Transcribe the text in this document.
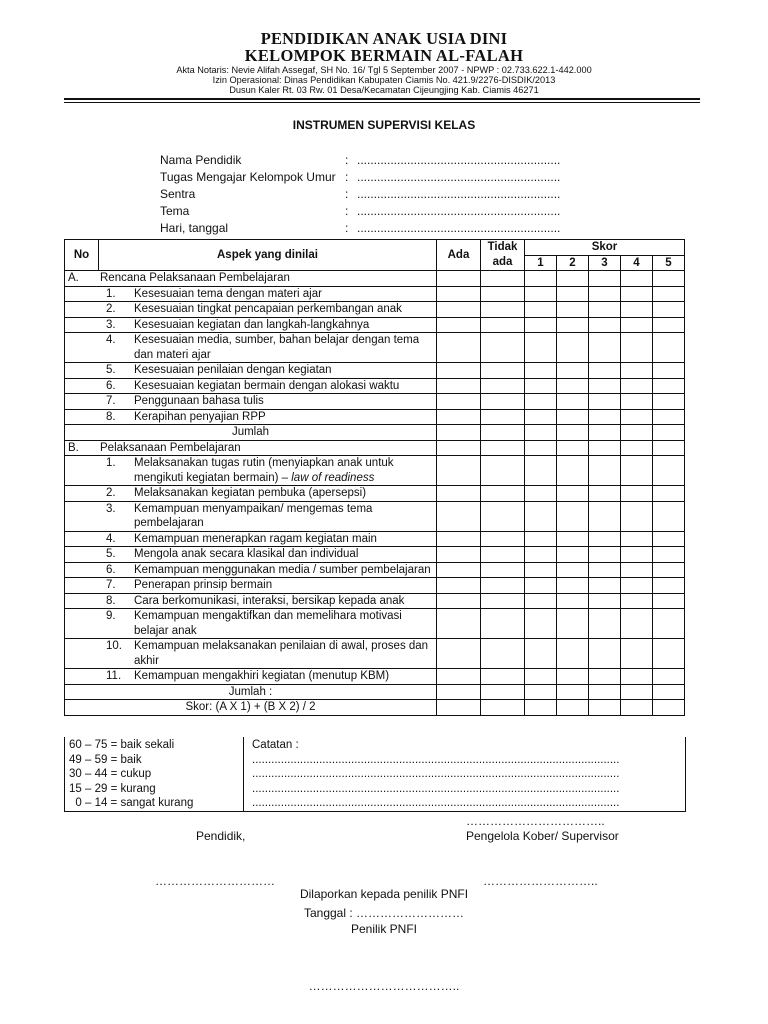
PENDIDIKAN ANAK USIA DINI
KELOMPOK BERMAIN AL-FALAH
Akta Notaris: Nevie Alifah Assegaf, SH No. 16/ Tgl 5 September 2007 - NPWP : 02.733.622.1-442.000
Izin Operasional: Dinas Pendidikan Kabupaten Ciamis No. 421.9/2276-DISDIK/2013
Dusun Kaler Rt. 03 Rw. 01 Desa/Kecamatan Cijeungjing Kab. Ciamis 46271
INSTRUMEN SUPERVISI KELAS
Nama Pendidik	: .............................................................
Tugas Mengajar Kelompok Umur : .............................................................
Sentra	: .............................................................
Tema	: .............................................................
Hari, tanggal	: .............................................................
No	Aspek yang dinilai	Ada	Tidak ada	Skor				
				1	2	3	4	5

A. Rencana Pelaksanaan Pembelajaran								

1. Kesesuaian tema dengan materi ajar								

2. Kesesuaian tingkat pencapaian perkembangan anak								

3. Kesesuaian kegiatan dan langkah-langkahnya								

4. Kesesuaian media, sumber, bahan belajar dengan tema dan materi ajar								

5. Kesesuaian penilaian dengan kegiatan								

6. Kesesuaian kegiatan bermain dengan alokasi waktu								

7. Penggunaan bahasa tulis								

8. Kerapihan penyajian RPP								

Jumlah								

B. Pelaksanaan Pembelajaran								

1. Melaksanakan tugas rutin (menyiapkan anak untuk mengikuti kegiatan bermain) – law of readiness								

2. Melaksanakan kegiatan pembuka (apersepsi)								

3. Kemampuan menyampaikan/ mengemas tema pembelajaran								

4. Kemampuan menerapkan ragam kegiatan main								

5. Mengola anak secara klasikal dan individual								

6. Kemampuan menggunakan media / sumber pembelajaran								

7. Penerapan prinsip bermain								

8. Cara berkomunikasi, interaksi, bersikap kepada anak								

9. Kemampuan mengaktifkan dan memelihara motivasi belajar anak								

10. Kemampuan melaksanakan penilaian di awal, proses dan akhir								

11. Kemampuan mengakhiri kegiatan (menutup KBM)								

Jumlah :								
Skor: (A X 1) + (B X 2) / 2								
60 – 75 = baik sekali
49 – 59 = baik
30 – 44 = cukup
15 – 29 = kurang
0 – 14 = sangat kurang
Catatan :
...................................................................................................................
...................................................................................................................
...................................................................................................................
...................................................................................................................
……………………………..
Pendidik,	Pengelola Kober/ Supervisor
…………………………	………………………..
Dilaporkan kepada penilik PNFI
Tanggal : ………………………
Penilik PNFI
………………………………..
